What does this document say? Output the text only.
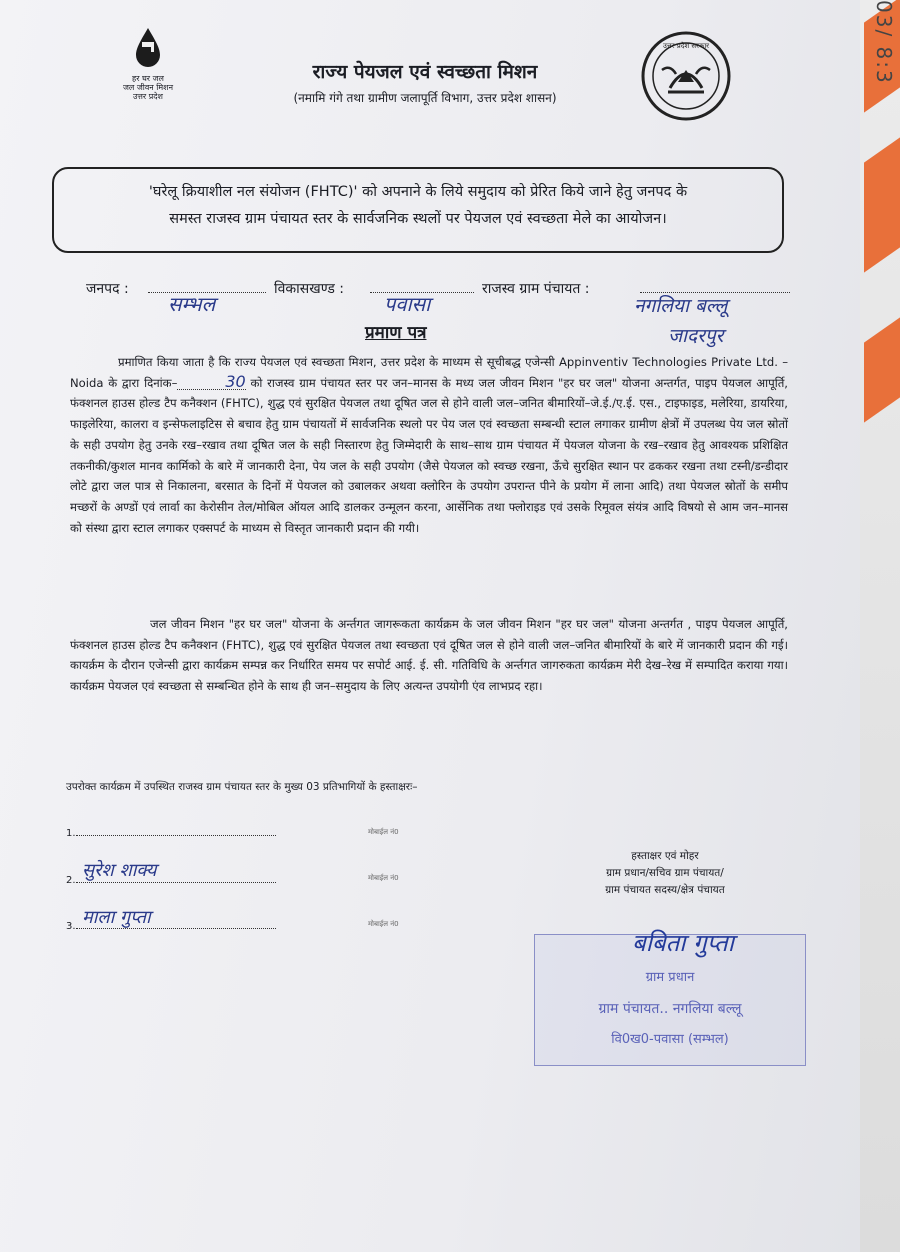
हर घर जल
जल जीवन मिशन
उत्तर प्रदेश
राज्य पेयजल एवं स्वच्छता मिशन
(नमामि गंगे तथा ग्रामीण जलापूर्ति विभाग, उत्तर प्रदेश शासन)
उत्तर प्रदेश सरकार
'घरेलू क्रियाशील नल संयोजन (FHTC)' को अपनाने के लिये समुदाय को प्रेरित किये जाने हेतु जनपद के
समस्त राजस्व ग्राम पंचायत स्तर के सार्वजनिक स्थलों पर पेयजल एवं स्वच्छता मेले का आयोजन।
जनपद :
सम्भल
विकासखण्ड :
पवासा
राजस्व ग्राम पंचायत :
नगलिया बल्लू
जादरपुर
प्रमाण पत्र
प्रमाणित किया जाता है कि राज्य पेयजल एवं स्वच्छता मिशन, उत्तर प्रदेश के माध्यम से सूचीबद्ध एजेन्सी Appinventiv Technologies Private Ltd. – Noida के द्वारा दिनांक–	30 को राजस्व ग्राम पंचायत स्तर पर जन–मानस के मध्य जल जीवन मिशन "हर घर जल" योजना अन्तर्गत, पाइप पेयजल आपूर्ति, फंक्शनल हाउस होल्ड टैप कनैक्शन (FHTC), शुद्ध एवं सुरक्षित पेयजल तथा दूषित जल से होने वाली जल–जनित बीमारियों–जे.ई./ए.ई. एस., टाइफाइड, मलेरिया, डायरिया, फाइलेरिया, कालरा व इन्सेफलाइटिस से बचाव हेतु ग्राम पंचायतों में सार्वजनिक स्थलो पर पेय जल एवं स्वच्छता सम्बन्धी स्टाल लगाकर ग्रामीण क्षेत्रों में उपलब्ध पेय जल स्रोतों के सही उपयोग हेतु उनके रख–रखाव तथा दूषित जल के सही निस्तारण हेतु जिम्मेदारी के साथ–साथ ग्राम पंचायत में पेयजल योजना के रख–रखाव हेतु आवश्यक प्रशिक्षित तकनीकी/कुशल मानव कार्मिको के बारे में जानकारी देना, पेय जल के सही उपयोग (जैसे पेयजल को स्वच्छ रखना, ऊँचे सुरक्षित स्थान पर ढककर रखना तथा टस्नी/डन्डीदार लोटे द्वारा जल पात्र से निकालना, बरसात के दिनों में पेयजल को उबालकर अथवा क्लोरिन के उपयोग उपरान्त पीने के प्रयोग में लाना आदि) तथा पेयजल स्रोतों के समीप मच्छरों के अण्डों एवं लार्वा का केरोसीन तेल/मोबिल ऑयल आदि डालकर उन्मूलन करना, आर्सेनिक तथा फ्लोराइड एवं उसके रिमूवल संयंत्र आदि विषयो से आम जन–मानस को संस्था द्वारा स्टाल लगाकर एक्सपर्ट के माध्यम से विस्तृत जानकारी प्रदान की गयी।
जल जीवन मिशन "हर घर जल" योजना के अर्न्तगत जागरूकता कार्यक्रम के जल जीवन मिशन "हर घर जल" योजना अन्तर्गत , पाइप पेयजल आपूर्ति, फंक्शनल हाउस होल्ड टैप कनैक्शन (FHTC), शुद्ध एवं सुरक्षित पेयजल तथा स्वच्छता एवं दूषित जल से होने वाली जल–जनित बीमारियों के बारे में जानकारी प्रदान की गई। कायर्क्रम के दौरान एजेन्सी द्वारा कार्यक्रम सम्पन्न कर निर्धारित समय पर सपोर्ट आई. ई. सी. गतिविधि के अर्न्तगत जागरुकता कार्यक्रम मेरी देख–रेख में सम्पादित कराया गया। कार्यक्रम पेयजल एवं स्वच्छता से सम्बन्धित होने के साथ ही जन–समुदाय के लिए अत्यन्त उपयोगी एंव लाभप्रद रहा।
उपरोक्त कार्यक्रम में उपस्थित राजस्व ग्राम पंचायत स्तर के मुख्य 03 प्रतिभागियों के हस्ताक्षरः–
1.	मोबाईल नं0
2. सुरेश शाक्य	मोबाईल नं0
3. माला गुप्ता	मोबाईल नं0
हस्ताक्षर एवं मोहर
ग्राम प्रधान/सचिव ग्राम पंचायत/
ग्राम पंचायत सदस्य/क्षेत्र पंचायत
ग्राम प्रधान
ग्राम पंचायत.. नगलिया बल्लू
वि0ख0-पवासा (सम्भल)
बबिता गुप्ता
03/ 8:3
